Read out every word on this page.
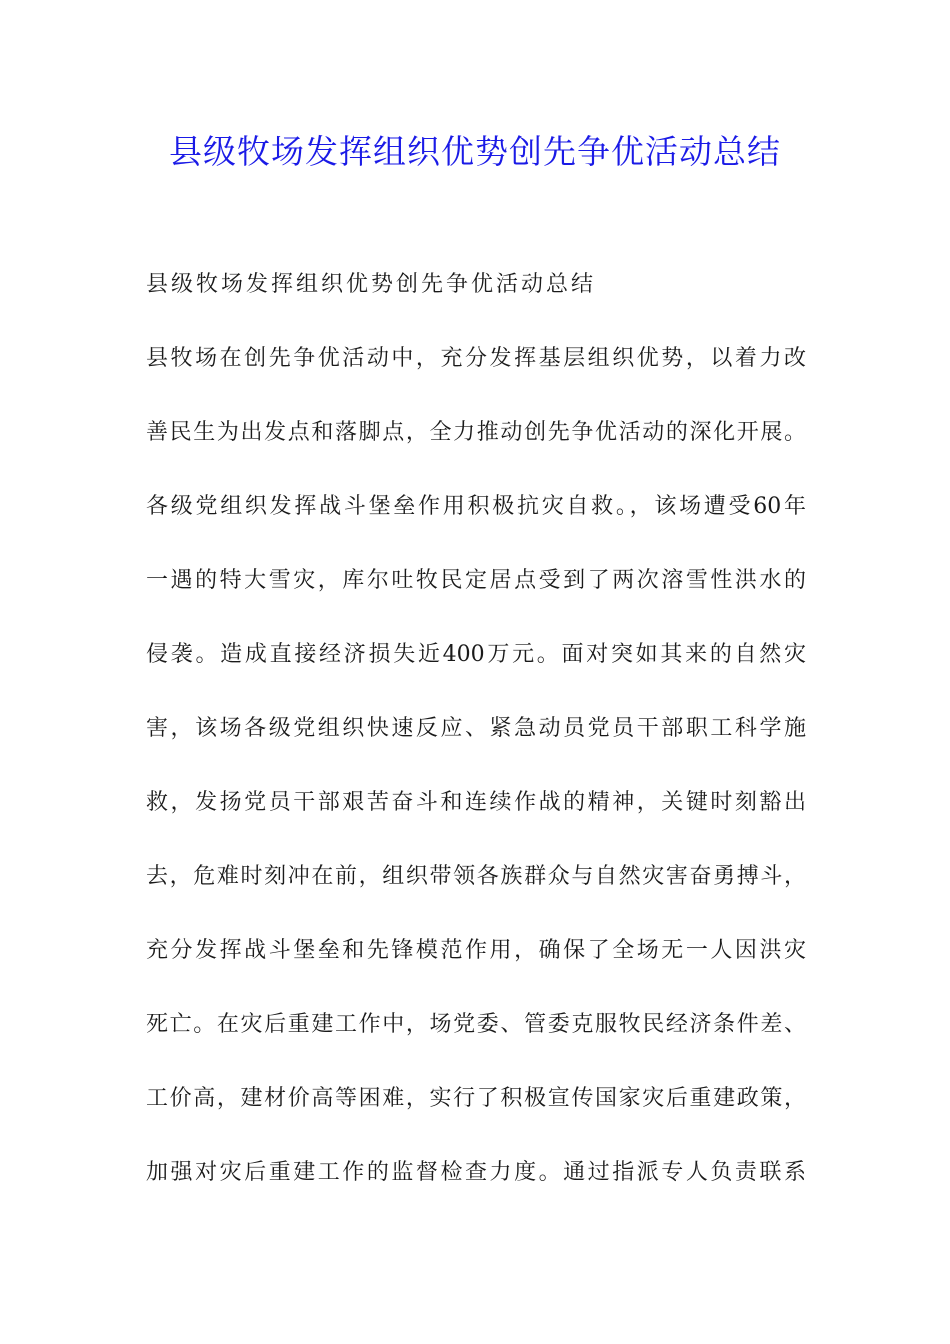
县级牧场发挥组织优势创先争优活动总结
县级牧场发挥组织优势创先争优活动总结
县牧场在创先争优活动中，充分发挥基层组织优势，以着力改
善民生为出发点和落脚点，全力推动创先争优活动的深化开展。
各级党组织发挥战斗堡垒作用积极抗灾自救。，该场遭受60年
一遇的特大雪灾，库尔吐牧民定居点受到了两次溶雪性洪水的
侵袭。造成直接经济损失近400万元。面对突如其来的自然灾
害，该场各级党组织快速反应、紧急动员党员干部职工科学施
救，发扬党员干部艰苦奋斗和连续作战的精神，关键时刻豁出
去，危难时刻冲在前，组织带领各族群众与自然灾害奋勇搏斗，
充分发挥战斗堡垒和先锋模范作用，确保了全场无一人因洪灾
死亡。在灾后重建工作中，场党委、管委克服牧民经济条件差、
工价高，建材价高等困难，实行了积极宣传国家灾后重建政策，
加强对灾后重建工作的监督检查力度。通过指派专人负责联系
